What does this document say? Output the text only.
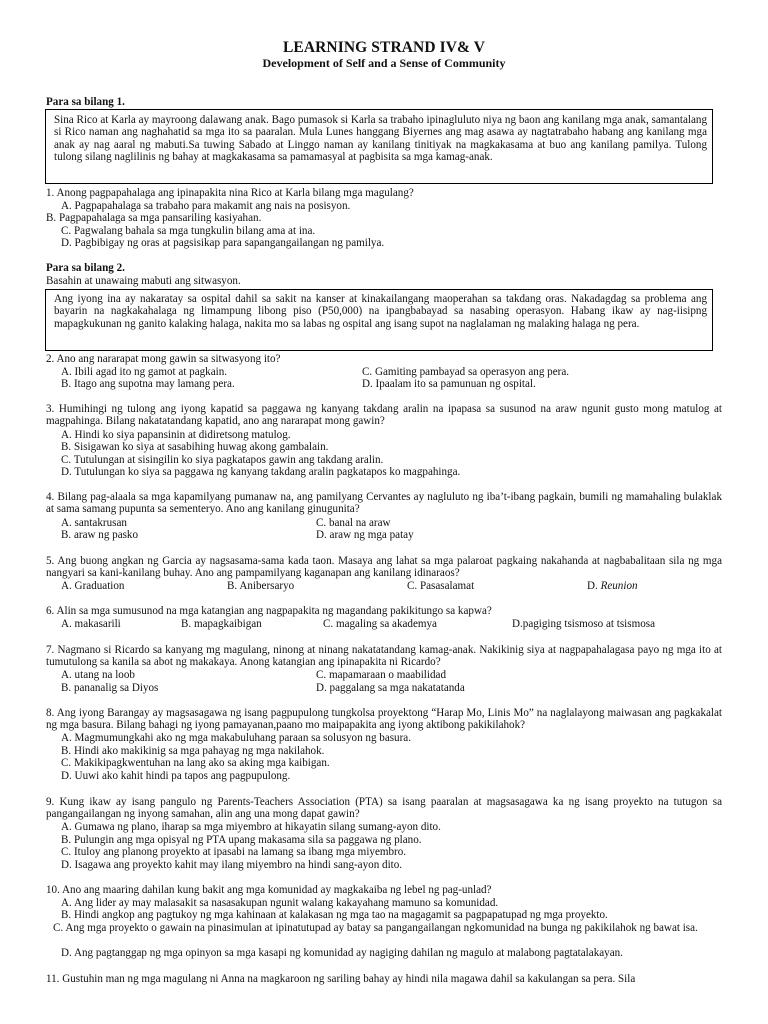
LEARNING STRAND IV& V
Development of Self and a Sense of Community
Para sa bilang 1.
Sina Rico at Karla ay mayroong dalawang anak. Bago pumasok si Karla sa trabaho ipinagluluto niya ng baon ang kanilang mga anak, samantalang si Rico naman ang naghahatid sa mga ito sa paaralan. Mula Lunes hanggang Biyernes ang mag asawa ay nagtatrabaho habang ang kanilang mga anak ay nag aaral ng mabuti.Sa tuwing Sabado at Linggo naman ay kanilang tinitiyak na magkakasama at buo ang kanilang pamilya. Tulong tulong silang naglilinis ng bahay at magkakasama sa pamamasyal at pagbisita sa mga kamag-anak.
1. Anong pagpapahalaga ang ipinapakita nina Rico at Karla bilang mga magulang?
A. Pagpapahalaga sa trabaho para makamit ang nais na posisyon.
B. Pagpapahalaga sa mga pansariling kasiyahan.
C. Pagwalang bahala sa mga tungkulin bilang ama at ina.
D. Pagbibigay ng oras at pagsisikap para sapangangailangan ng pamilya.
Para sa bilang 2.
Basahin at unawaing mabuti ang sitwasyon.
Ang iyong ina ay nakaratay sa ospital dahil sa sakit na kanser at kinakailangang maoperahan sa takdang oras. Nakadagdag sa problema ang bayarin na nagkakahalaga ng limampung libong piso (P50,000) na ipangbabayad sa nasabing operasyon. Habang ikaw ay nag-iisipng mapagkukunan ng ganito kalaking halaga, nakita mo sa labas ng ospital ang isang supot na naglalaman ng malaking halaga ng pera.
2. Ano ang nararapat mong gawin sa sitwasyong ito?
A. Ibili agad ito ng gamot at pagkain.	C. Gamiting pambayad sa operasyon ang pera.
B. Itago ang supotna may lamang pera.	D. Ipaalam ito sa pamunuan ng ospital.
3. Humihingi ng tulong ang iyong kapatid sa paggawa ng kanyang takdang aralin na ipapasa sa susunod na araw ngunit gusto mong matulog at magpahinga. Bilang nakatatandang kapatid, ano ang nararapat mong gawin?
A. Hindi ko siya papansinin at didiretsong matulog.
B. Sisigawan ko siya at sasabihing huwag akong gambalain.
C. Tutulungan at sisingilin ko siya pagkatapos gawin ang takdang aralin.
D. Tutulungan ko siya sa paggawa ng kanyang takdang aralin pagkatapos ko magpahinga.
4. Bilang pag-alaala sa mga kapamilyang pumanaw na, ang pamilyang Cervantes ay nagluluto ng iba’t-ibang pagkain, bumili ng mamahaling bulaklak at sama samang pupunta sa sementeryo. Ano ang kanilang ginugunita?
A. santakrusan	C. banal na araw
B. araw ng pasko	D. araw ng mga patay
5. Ang buong angkan ng Garcia ay nagsasama-sama kada taon. Masaya ang lahat sa mga palaroat pagkaing nakahanda at nagbabalitaan sila ng mga nangyari sa kani-kanilang buhay. Ano ang pampamilyang kaganapan ang kanilang idinaraos?
A. Graduation	B. Anibersaryo	C. Pasasalamat	D. Reunion
6. Alin sa mga sumusunod na mga katangian ang nagpapakita ng magandang pakikitungo sa kapwa?
A. makasarili	B. mapagkaibigan	C. magaling sa akademya	D.pagiging tsismoso at tsismosa
7. Nagmano si Ricardo sa kanyang mg magulang, ninong at ninang nakatatandang kamag-anak. Nakikinig siya at nagpapahalagasa payo ng mga ito at tumutulong sa kanila sa abot ng makakaya. Anong katangian ang ipinapakita ni Ricardo?
A. utang na loob	C. mapamaraan o maabilidad
B. pananalig sa Diyos	D. paggalang sa mga nakatatanda
8. Ang iyong Barangay ay magsasagawa ng isang pagpupulong tungkolsa proyektong “Harap Mo, Linis Mo” na naglalayong maiwasan ang pagkakalat ng mga basura. Bilang bahagi ng iyong pamayanan,paano mo maipapakita ang iyong aktibong pakikilahok?
A. Magmumungkahi ako ng mga makabuluhang paraan sa solusyon ng basura.
B. Hindi ako makikinig sa mga pahayag ng mga nakilahok.
C. Makikipagkwentuhan na lang ako sa aking mga kaibigan.
D. Uuwi ako kahit hindi pa tapos ang pagpupulong.
9. Kung ikaw ay isang pangulo ng Parents-Teachers Association (PTA) sa isang paaralan at magsasagawa ka ng isang proyekto na tutugon sa pangangailangan ng inyong samahan, alin ang una mong dapat gawin?
A. Gumawa ng plano, iharap sa mga miyembro at hikayatin silang sumang-ayon dito.
B. Pulungin ang mga opisyal ng PTA upang makasama sila sa paggawa ng plano.
C. Ituloy ang planong proyekto at ipasabi na lamang sa ibang mga miyembro.
D. Isagawa ang proyekto kahit may ilang miyembro na hindi sang-ayon dito.
10. Ano ang maaring dahilan kung bakit ang mga komunidad ay magkakaiba ng lebel ng pag-unlad?
A. Ang lider ay may malasakit sa nasasakupan ngunit walang kakayahang mamuno sa komunidad.
B. Hindi angkop ang pagtukoy ng mga kahinaan at kalakasan ng mga tao na magagamit sa pagpapatupad ng mga proyekto.
C. Ang mga proyekto o gawain na pinasimulan at ipinatutupad ay batay sa pangangailangan ngkomunidad na bunga ng pakikilahok ng bawat isa.
D. Ang pagtanggap ng mga opinyon sa mga kasapi ng komunidad ay nagiging dahilan ng magulo at malabong pagtatalakayan.
11. Gustuhin man ng mga magulang ni Anna na magkaroon ng sariling bahay ay hindi nila magawa dahil sa kakulangan sa pera. Sila
